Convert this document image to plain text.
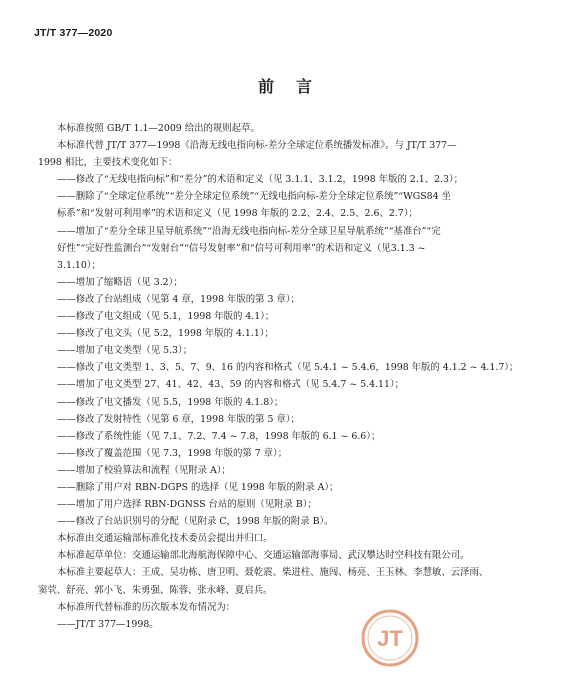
JT/T 377—2020
前言
本标准按照 GB/T 1.1—2009 给出的规则起草。
本标准代替 JT/T 377—1998《沿海无线电指向标-差分全球定位系统播发标准》。与 JT/T 377—
1998 相比，主要技术变化如下：
——修改了“无线电指向标”和“差分”的术语和定义（见 3.1.1、3.1.2，1998 年版的 2.1、2.3）；
——删除了“全球定位系统”“差分全球定位系统”“无线电指向标-差分全球定位系统”“WGS84 坐
标系”和“发射可利用率”的术语和定义（见 1998 年版的 2.2、2.4、2.5、2.6、2.7）；
——增加了“差分全球卫星导航系统”“沿海无线电指向标-差分全球卫星导航系统”“基准台”“完
好性”“完好性监测台”“发射台”“信号发射率”和“信号可利用率”的术语和定义（见3.1.3 ~
3.1.10）；
——增加了缩略语（见 3.2）；
——修改了台站组成（见第 4 章，1998 年版的第 3 章）；
——修改了电文组成（见 5.1，1998 年版的 4.1）；
——修改了电文头（见 5.2，1998 年版的 4.1.1）；
——增加了电文类型（见 5.3）；
——修改了电文类型 1、3、5、7、9、16 的内容和格式（见 5.4.1 ~ 5.4.6，1998 年版的 4.1.2 ~ 4.1.7）；
——增加了电文类型 27、41、42、43、59 的内容和格式（见 5.4.7 ~ 5.4.11）；
——修改了电文播发（见 5.5，1998 年版的 4.1.8）；
——修改了发射特性（见第 6 章，1998 年版的第 5 章）；
——修改了系统性能（见 7.1、7.2、7.4 ~ 7.8，1998 年版的 6.1 ~ 6.6）；
——修改了覆盖范围（见 7.3，1998 年版的第 7 章）；
——增加了校验算法和流程（见附录 A）；
——删除了用户对 RBN-DGPS 的选择（见 1998 年版的附录 A）；
——增加了用户选择 RBN-DGNSS 台站的原则（见附录 B）；
——修改了台站识别号的分配（见附录 C，1998 年版的附录 B）。
本标准由交通运输部标准化技术委员会提出并归口。
本标准起草单位：交通运输部北海航海保障中心、交通运输部海事局、武汉攀达时空科技有限公司。
本标准主要起草人：王成、吴功栋、唐卫明、聂乾震、柴进柱、施闯、杨亮、王玉林、李慧敏、云泽雨、
窦茕、舒亮、郭小飞、朱勇强、陈蓉、张永峰、夏启兵。
本标准所代替标准的历次版本发布情况为：
——JT/T 377—1998。
JT
